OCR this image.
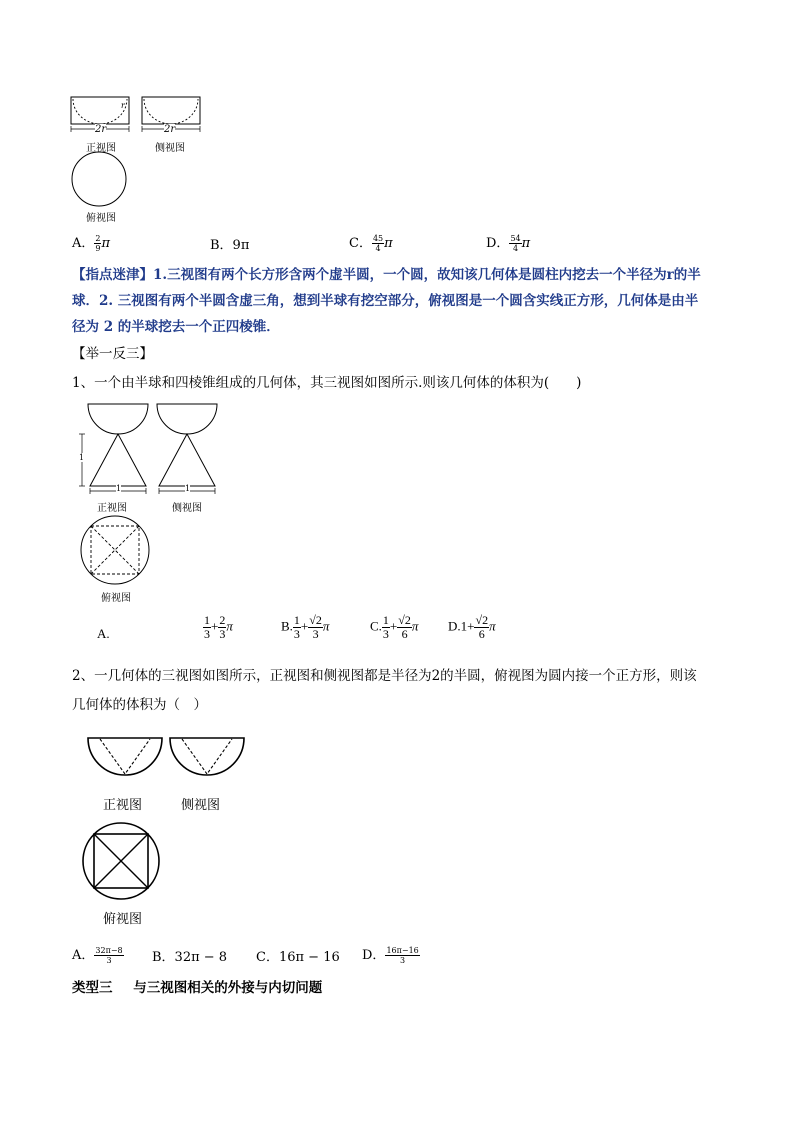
2r	2r
r
正视图	侧视图
俯视图
A． $\frac{2}{9}$ π	B．9π	C． $\frac{45}{4}$ π	D． $\frac{54}{4}$ π
【指点迷津】1.三视图有两个长方形含两个虚半圆，一个圆，故知该几何体是圆柱内挖去一个半径为r的半
球．2. 三视图有两个半圆含虚三角，想到半球有挖空部分，俯视图是一个圆含实线正方形，几何体是由半
径为 2 的半球挖去一个正四棱锥．
【举一反三】
1、一个由半球和四棱锥组成的几何体，其三视图如图所示.则该几何体的体积为(　　)
1
1
正视图
1
侧视图
俯视图
A.	$\frac{1}{3} + \frac{2}{3}$ π	B. $\frac{1}{3} + \frac{√2}{3}$ π	C. $\frac{1}{3} + \frac{√2}{6}$ π $D.1+ \frac{√2}{6}$ π
2、一几何体的三视图如图所示，正视图和侧视图都是半径为2的半圆，俯视图为圆内接一个正方形，则该
几何体的体积为（　）
正视图	侧视图
俯视图
A． $\frac{32\pi-8}{3}$ B．32π − 8 C．16π − 16 D． $\frac{16\pi-16}{3}$
类型三 与三视图相关的外接与内切问题
